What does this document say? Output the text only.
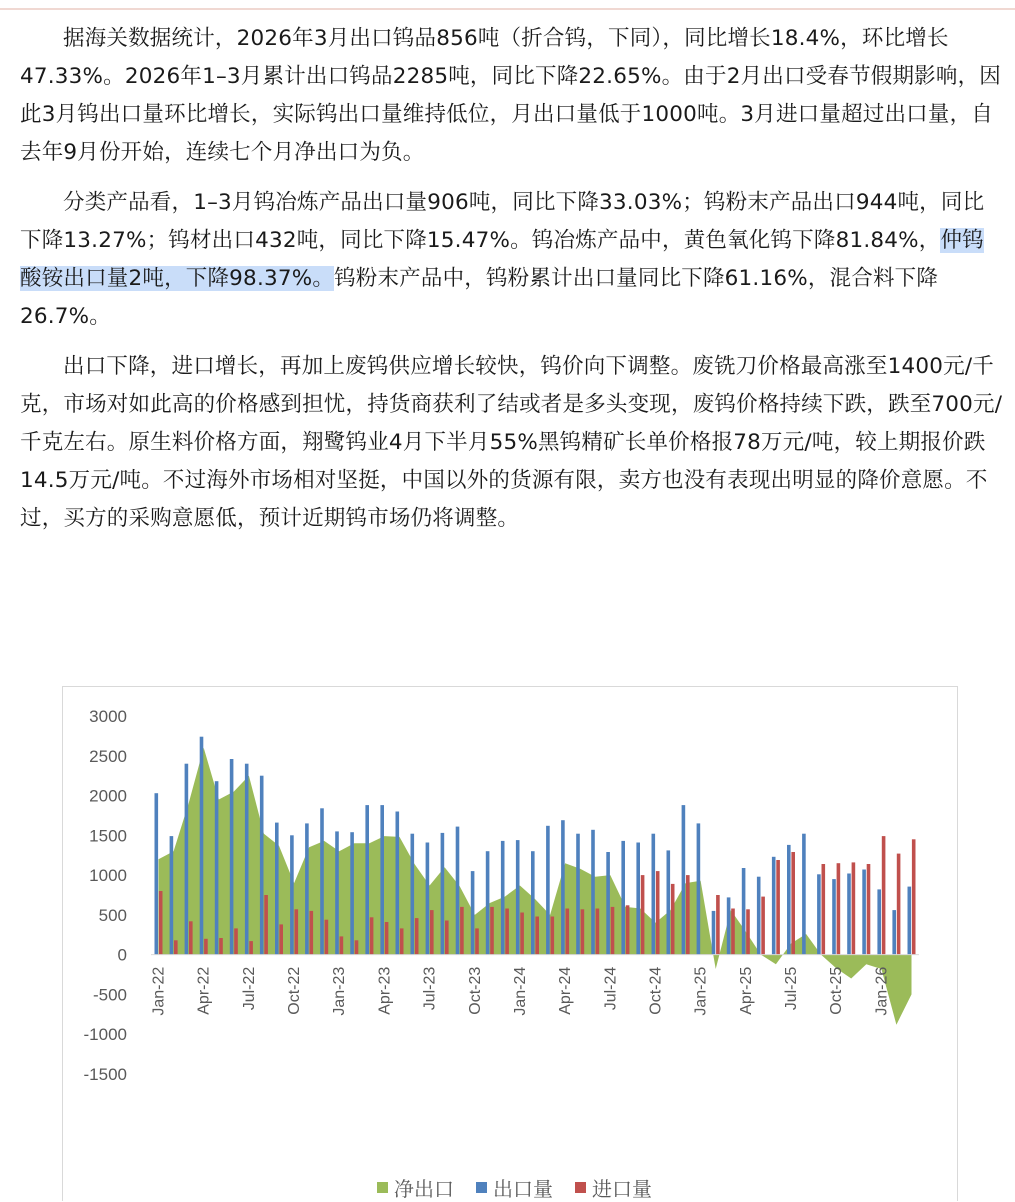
据海关数据统计，2026年3月出口钨品856吨（折合钨，下同），同比增长18.4%，环比增长47.33%。2026年1–3月累计出口钨品2285吨，同比下降22.65%。由于2月出口受春节假期影响，因此3月钨出口量环比增长，实际钨出口量维持低位，月出口量低于1000吨。3月进口量超过出口量，自去年9月份开始，连续七个月净出口为负。

分类产品看，1–3月钨冶炼产品出口量906吨，同比下降33.03%；钨粉末产品出口944吨，同比下降13.27%；钨材出口432吨，同比下降15.47%。钨冶炼产品中，黄色氧化钨下降81.84%，仲钨酸铵出口量2吨，下降98.37%。钨粉末产品中，钨粉累计出口量同比下降61.16%，混合料下降26.7%。

出口下降，进口增长，再加上废钨供应增长较快，钨价向下调整。废铣刀价格最高涨至1400元/千克，市场对如此高的价格感到担忧，持货商获利了结或者是多头变现，废钨价格持续下跌，跌至700元/千克左右。原生料价格方面，翔鹭钨业4月下半月55%黑钨精矿长单价格报78万元/吨，较上期报价跌14.5万元/吨。不过海外市场相对坚挺，中国以外的货源有限，卖方也没有表现出明显的降价意愿。不过，买方的采购意愿低，预计近期钨市场仍将调整。

3000
2500
2000
1500
1000
500
0
-500
-1000
-1500
Jan-22 Apr-22 Jul-22 Oct-22 Jan-23 Apr-23 Jul-23 Oct-23 Jan-24 Apr-24 Jul-24 Oct-24 Jan-25 Apr-25 Jul-25 Oct-25 Jan-26
净出口 出口量 进口量
